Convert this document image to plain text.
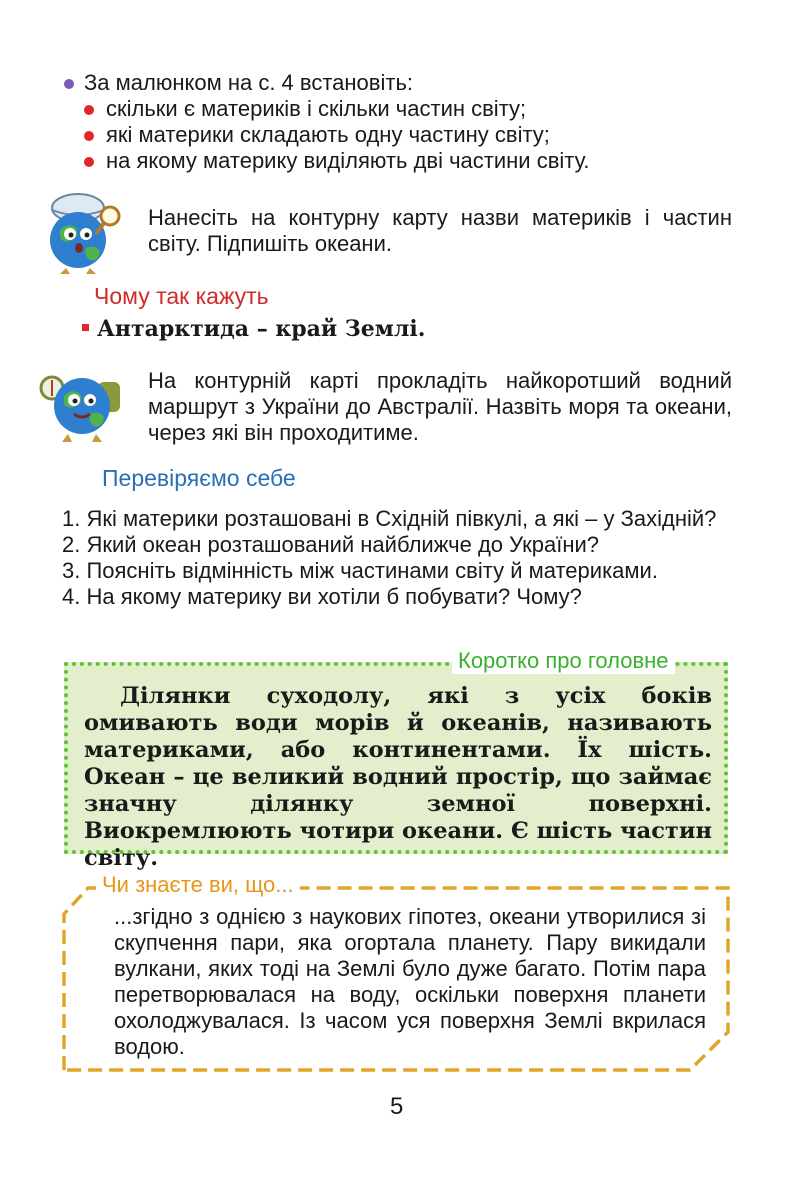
За малюнком на с. 4 встановіть:
скільки є материків і скільки частин світу;
які материки складають одну частину світу;
на якому материку виділяють дві частини світу.
Нанесіть на контурну карту назви материків і частин світу. Підпишіть океани.
Чому так кажуть
Антарктида – край Землі.
На контурній карті прокладіть найкоротший водний маршрут з України до Австралії. Назвіть моря та океани, через які він проходитиме.
Перевіряємо себе
1. Які материки розташовані в Східній півкулі, а які – у Західній?
2. Який океан розташований найближче до України?
3. Поясніть відмінність між частинами світу й материками.
4. На якому материку ви хотіли б побувати? Чому?
Коротко про головне
Ділянки суходолу, які з усіх боків омивають води морів й океанів, називають материками, або континентами. Їх шість. Океан – це великий водний простір, що займає значну ділянку земної поверхні. Виокремлюють чотири океани. Є шість частин світу.
Чи знаєте ви, що...
...згідно з однією з наукових гіпотез, океани утворилися зі скупчення пари, яка огортала планету. Пару викидали вулкани, яких тоді на Землі було дуже багато. Потім пара перетворювалася на воду, оскільки поверхня планети охолоджувалася. Із часом уся поверхня Землі вкрилася водою.
5
